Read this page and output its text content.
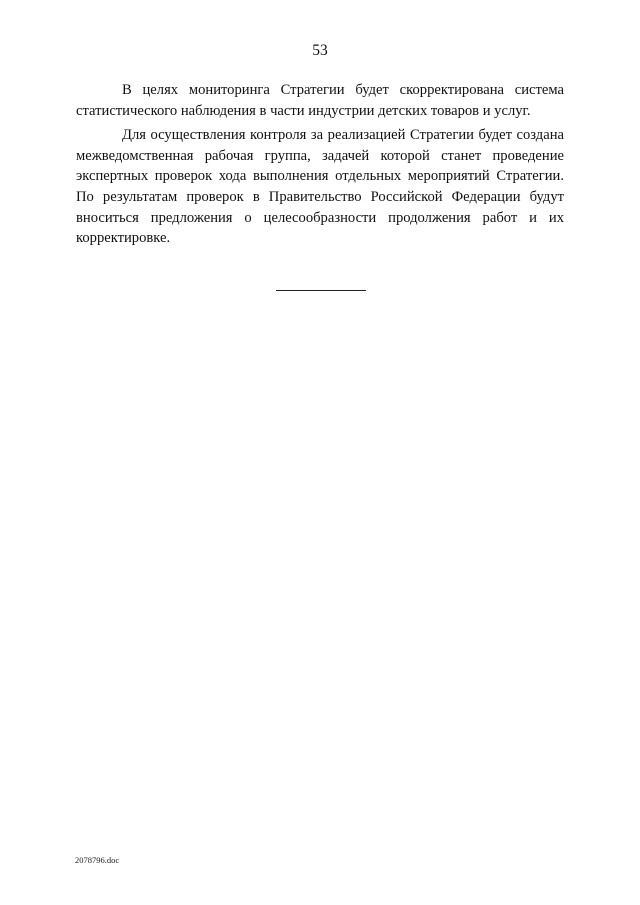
53

В целях мониторинга Стратегии будет скорректирована система статистического наблюдения в части индустрии детских товаров и услуг.

Для осуществления контроля за реализацией Стратегии будет создана межведомственная рабочая группа, задачей которой станет проведение экспертных проверок хода выполнения отдельных мероприятий Стратегии. По результатам проверок в Правительство Российской Федерации будут вноситься предложения о целесообразности продолжения работ и их корректировке.

2078796.doc
